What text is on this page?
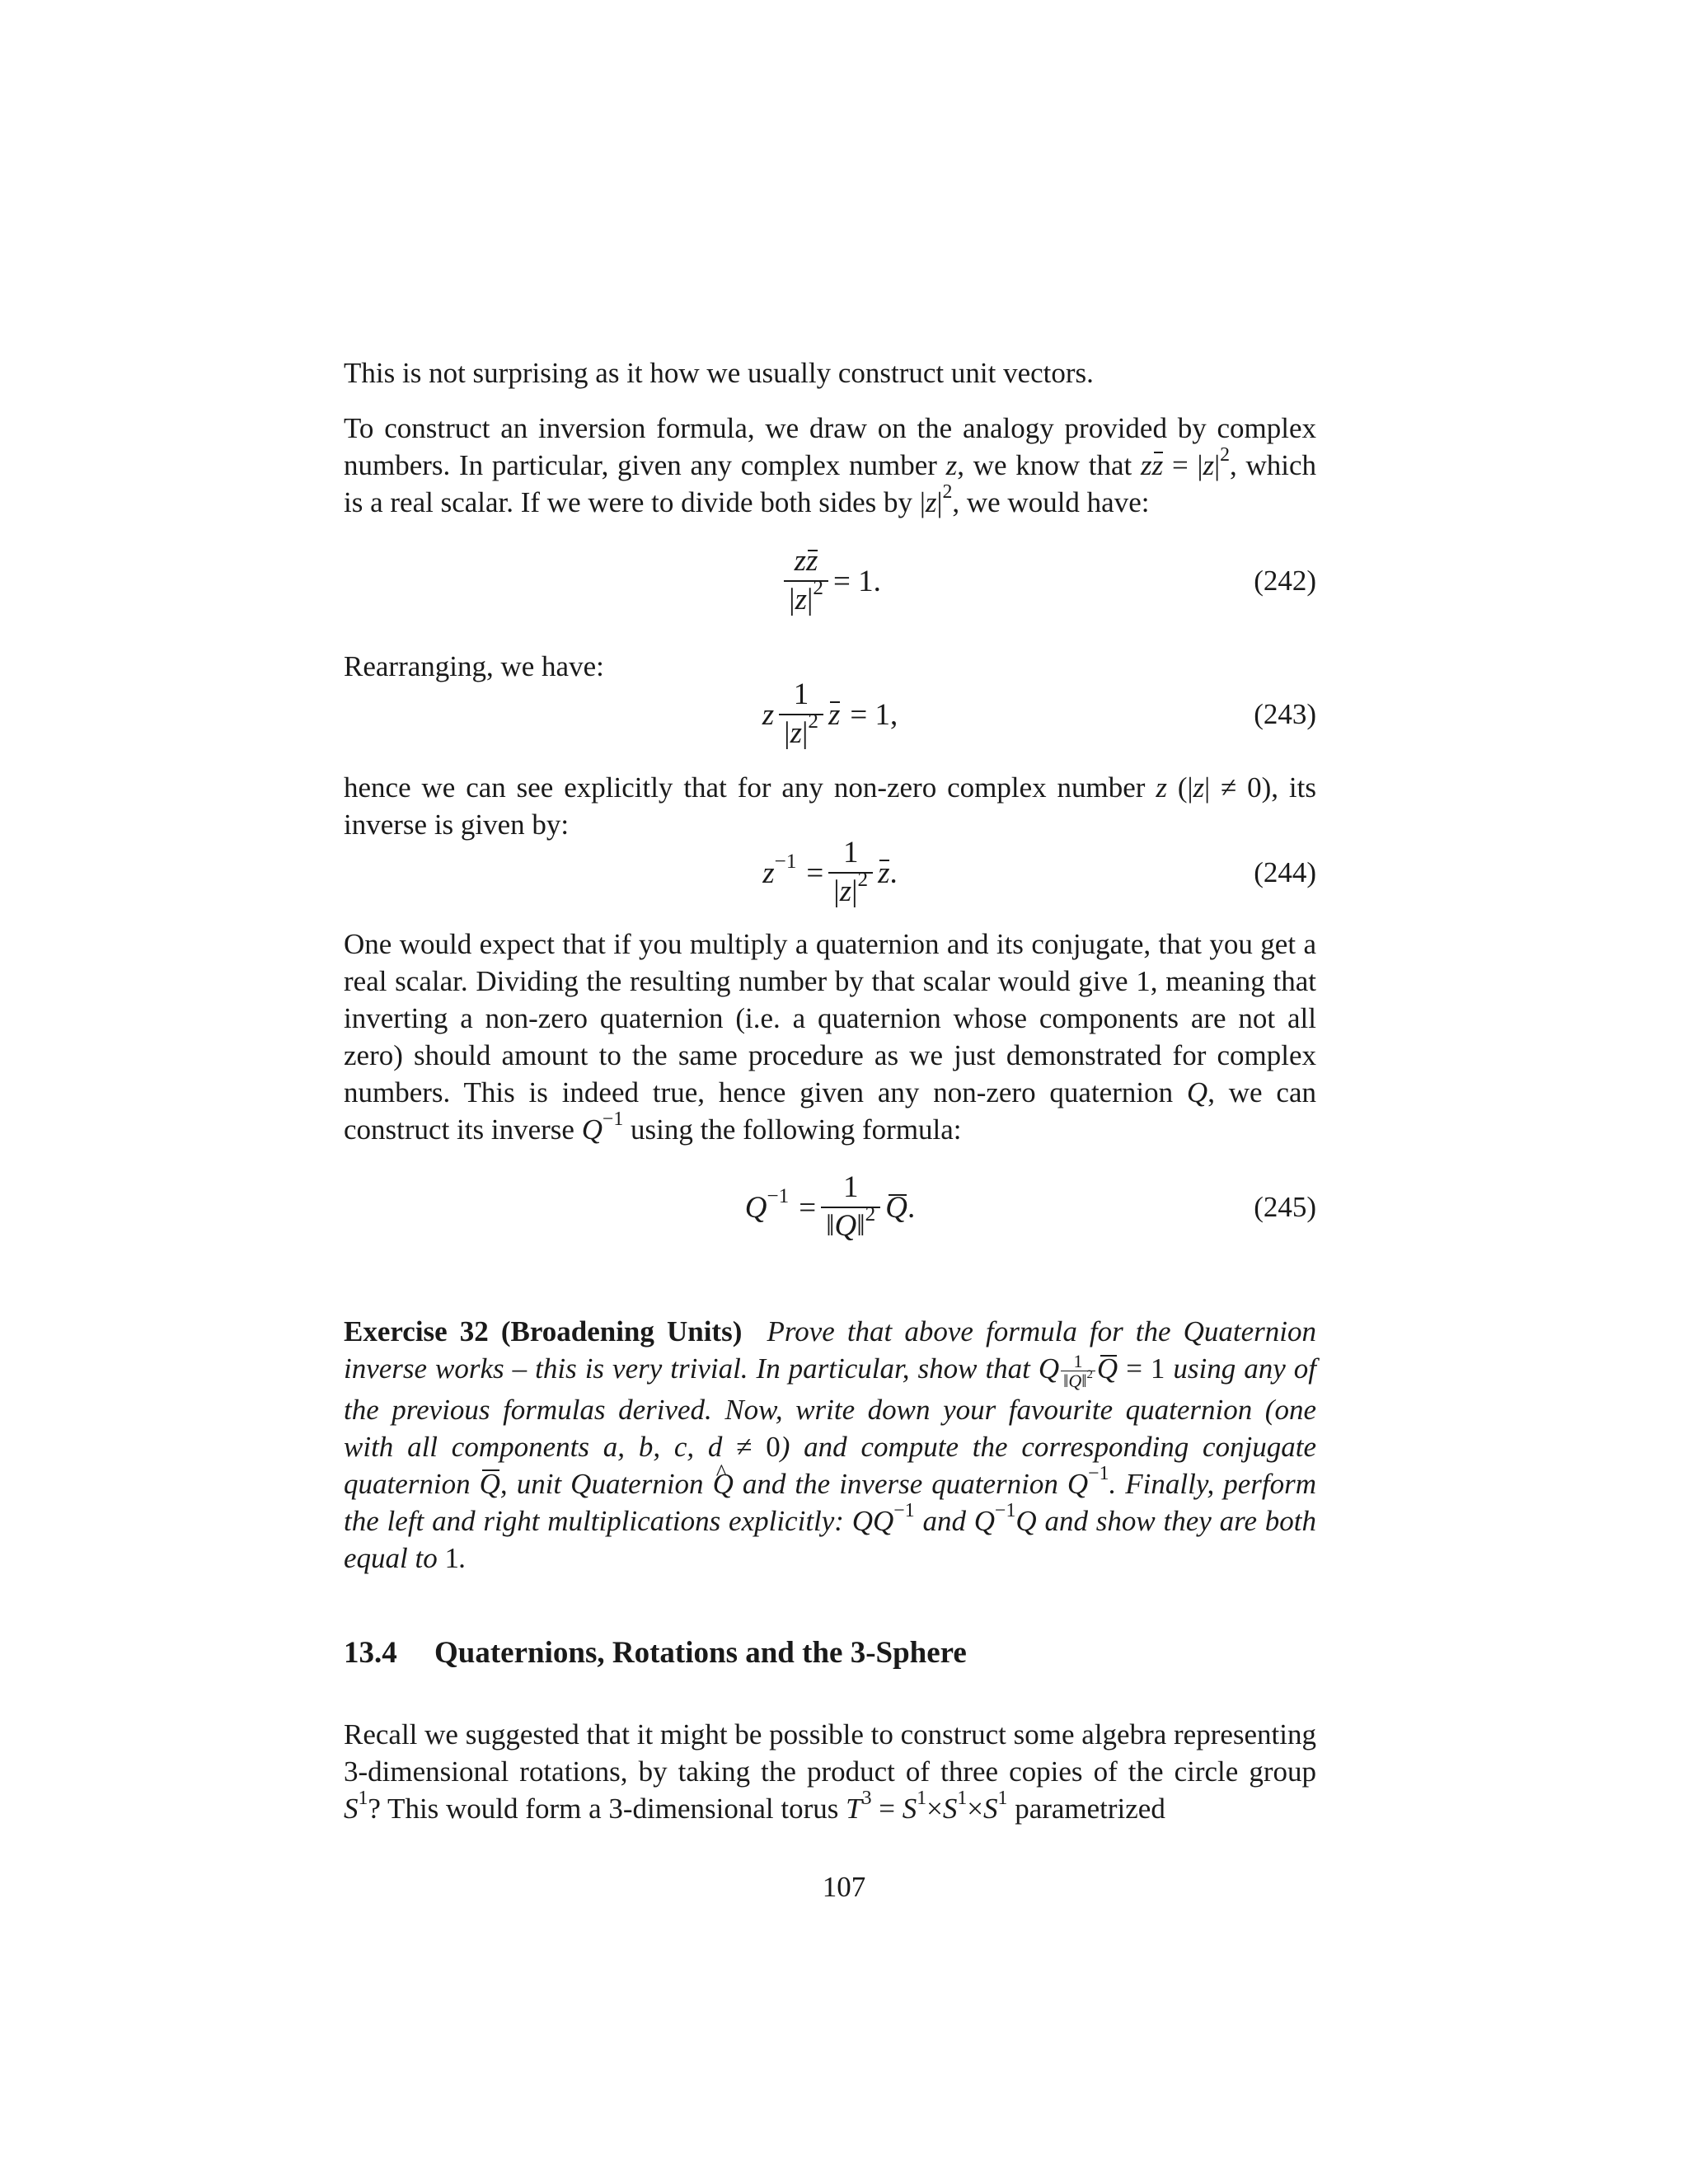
This is not surprising as it how we usually construct unit vectors.
To construct an inversion formula, we draw on the analogy provided by complex numbers. In particular, given any complex number z, we know that zz = $|z|^2$, which is a real scalar. If we were to divide both sides by $|z|^2$, we would have:
$\frac{zz}{|z|^2} = 1$.	(242)
Rearranging, we have:
z $\frac{1}{|z|^2}$ z = 1,	(243)
hence we can see explicitly that for any non-zero complex number z (|z| ≠ 0), its inverse is given by:
$z^{-1} = \frac{1}{|z|^2}$ z .	(244)
One would expect that if you multiply a quaternion and its conjugate, that you get a real scalar. Dividing the resulting number by that scalar would give 1, meaning that inverting a non-zero quaternion (i.e. a quaternion whose components are not all zero) should amount to the same procedure as we just demonstrated for complex numbers. This is indeed true, hence given any non-zero quaternion Q, we can construct its inverse $Q^{-1}$ using the following formula:
$Q^{-1} = \frac{1}{‖Q‖^2}$ Q .	(245)
Exercise 32 (Broadening Units) Prove that above formula for the Quaternion inverse works – this is very trivial. In particular, show that Q $\frac{1}{‖Q‖^2}$ Q = 1 using any of the previous formulas derived. Now, write down your favourite quaternion (one with all components a, b, c, d ≠ 0) and compute the corresponding conjugate quaternion Q, unit Quaternion ^ Q and the inverse quaternion $Q^{-1}$. Finally, perform the left and right multiplications explicitly: $QQ^{-1}$ and $Q^{-1}Q$ and show they are both equal to 1.
13.4 Quaternions, Rotations and the 3-Sphere
Recall we suggested that it might be possible to construct some algebra representing 3-dimensional rotations, by taking the product of three copies of the circle group $S^1$? This would form a 3-dimensional torus $T^3 = S^1\times S^1\times S^1$ parametrized
107
